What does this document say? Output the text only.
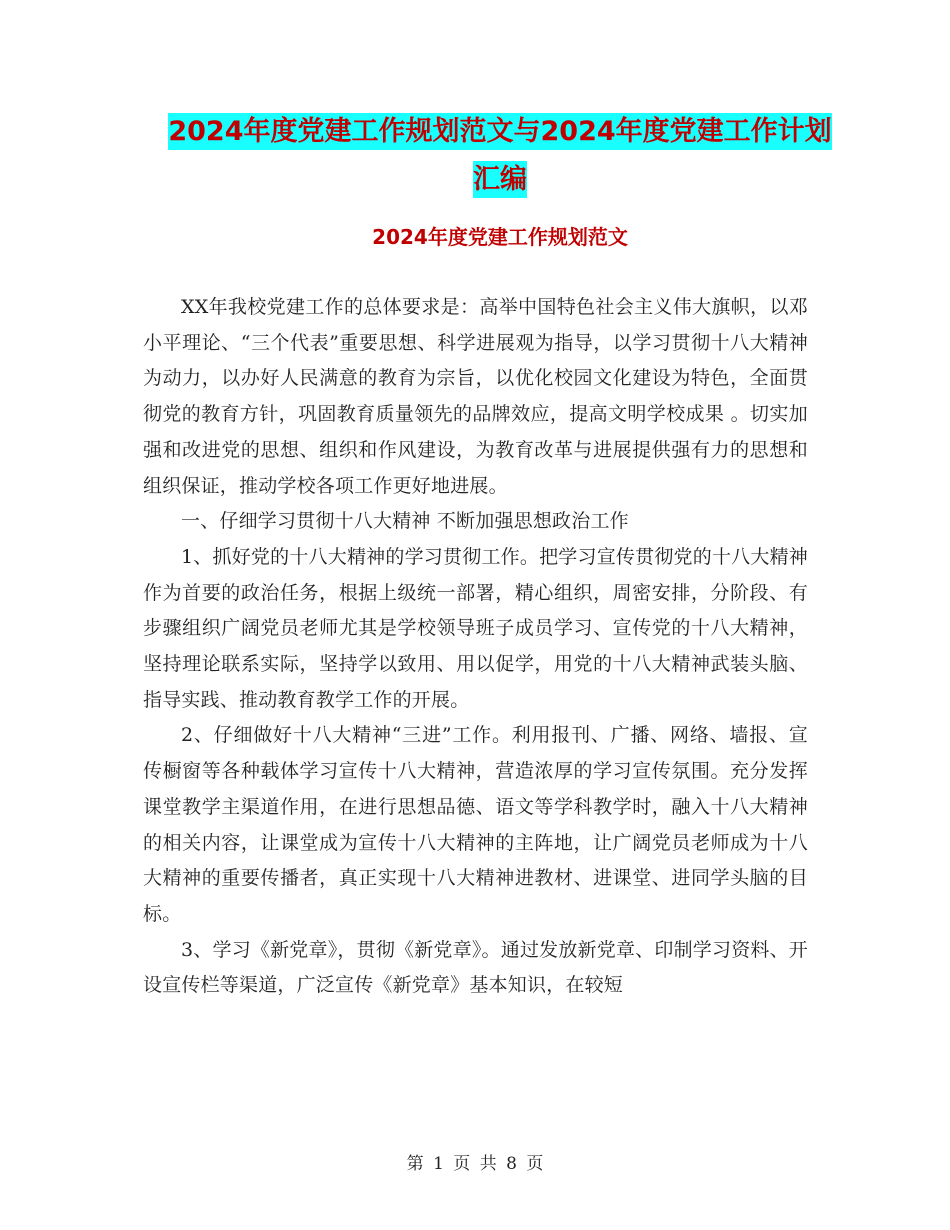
2024年度党建工作规划范文与2024年度党建工作计划
汇编
2024年度党建工作规划范文

XX年我校党建工作的总体要求是：高举中国特色社会主义伟大旗帜，以邓小平理论、“三个代表”重要思想、科学进展观为指导，以学习贯彻十八大精神为动力，以办好人民满意的教育为宗旨，以优化校园文化建设为特色，全面贯彻党的教育方针，巩固教育质量领先的品牌效应，提高文明学校成果 。切实加强和改进党的思想、组织和作风建设，为教育改革与进展提供强有力的思想和组织保证，推动学校各项工作更好地进展。

一、仔细学习贯彻十八大精神 不断加强思想政治工作

1、抓好党的十八大精神的学习贯彻工作。把学习宣传贯彻党的十八大精神作为首要的政治任务，根据上级统一部署，精心组织，周密安排，分阶段、有步骤组织广阔党员老师尤其是学校领导班子成员学习、宣传党的十八大精神，坚持理论联系实际，坚持学以致用、用以促学，用党的十八大精神武装头脑、指导实践、推动教育教学工作的开展。

2、仔细做好十八大精神“三进”工作。利用报刊、广播、网络、墙报、宣传橱窗等各种载体学习宣传十八大精神，营造浓厚的学习宣传氛围。充分发挥课堂教学主渠道作用，在进行思想品德、语文等学科教学时，融入十八大精神的相关内容，让课堂成为宣传十八大精神的主阵地，让广阔党员老师成为十八大精神的重要传播者，真正实现十八大精神进教材、进课堂、进同学头脑的目标。

3、学习《新党章》，贯彻《新党章》。通过发放新党章、印制学习资料、开设宣传栏等渠道，广泛宣传《新党章》基本知识，在较短

第 1 页 共 8 页
